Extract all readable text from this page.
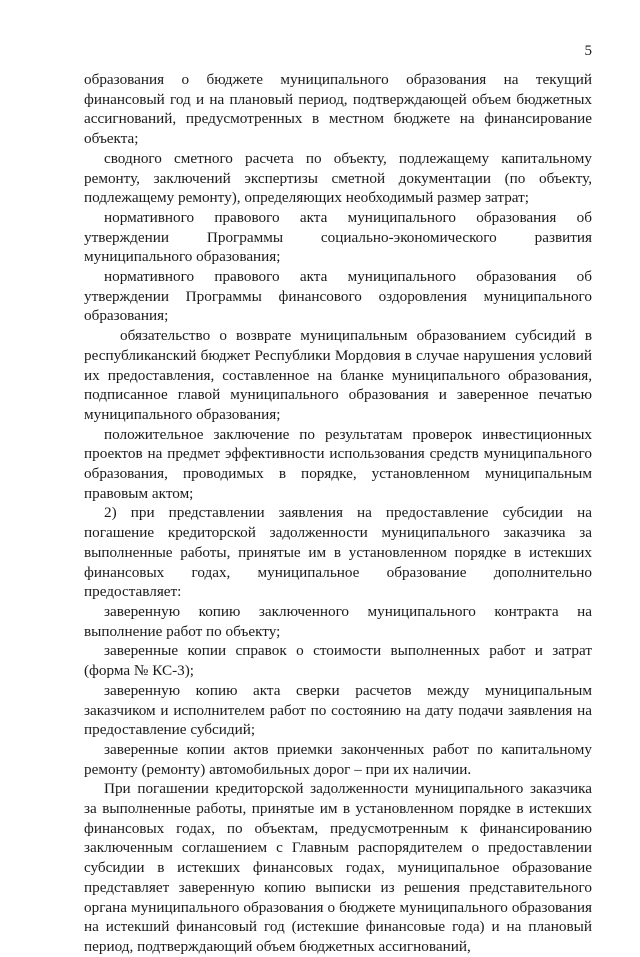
5

образования о бюджете муниципального образования на текущий финансовый год и на плановый период, подтверждающей объем бюджетных ассигнований, предусмотренных в местном бюджете на финансирование объекта;

сводного сметного расчета по объекту, подлежащему капитальному ремонту, заключений экспертизы сметной документации (по объекту, подлежащему ремонту), определяющих необходимый размер затрат;

нормативного правового акта муниципального образования об утверждении Программы социально-экономического развития муниципального образования;

нормативного правового акта муниципального образования об утверждении Программы финансового оздоровления муниципального образования;

обязательство о возврате муниципальным образованием субсидий в республиканский бюджет Республики Мордовия в случае нарушения условий их предоставления, составленное на бланке муниципального образования, подписанное главой муниципального образования и заверенное печатью муниципального образования;

положительное заключение по результатам проверок инвестиционных проектов на предмет эффективности использования средств муниципального образования, проводимых в порядке, установленном муниципальным правовым актом;

2) при представлении заявления на предоставление субсидии на погашение кредиторской задолженности муниципального заказчика за выполненные работы, принятые им в установленном порядке в истекших финансовых годах, муниципальное образование дополнительно предоставляет:

заверенную копию заключенного муниципального контракта на выполнение работ по объекту;

заверенные копии справок о стоимости выполненных работ и затрат (форма № КС-3);

заверенную копию акта сверки расчетов между муниципальным заказчиком и исполнителем работ по состоянию на дату подачи заявления на предоставление субсидий;

заверенные копии актов приемки законченных работ по капитальному ремонту (ремонту) автомобильных дорог – при их наличии.

При погашении кредиторской задолженности муниципального заказчика за выполненные работы, принятые им в установленном порядке в истекших финансовых годах, по объектам, предусмотренным к финансированию заключенным соглашением с Главным распорядителем о предоставлении субсидии в истекших финансовых годах, муниципальное образование представляет заверенную копию выписки из решения представительного органа муниципального образования о бюджете муниципального образования на истекший финансовый год (истекшие финансовые года) и на плановый период, подтверждающий объем бюджетных ассигнований,
